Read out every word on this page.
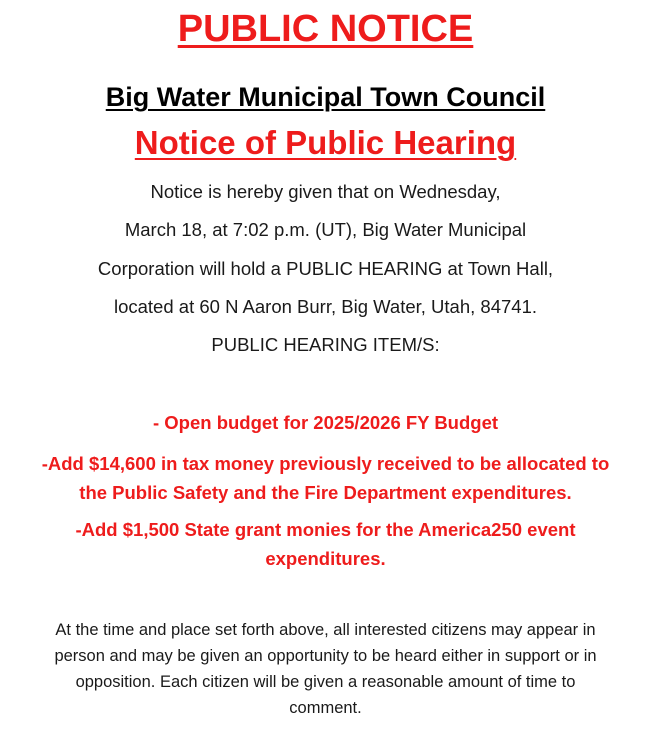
PUBLIC NOTICE
Big Water Municipal Town Council
Notice of Public Hearing
Notice is hereby given that on Wednesday,
March 18, at 7:02 p.m. (UT), Big Water Municipal
Corporation will hold a PUBLIC HEARING at Town Hall,
located at 60 N Aaron Burr, Big Water, Utah, 84741.
PUBLIC HEARING ITEM/S:
- Open budget for 2025/2026 FY Budget
-Add $14,600 in tax money previously received to be allocated to
the Public Safety and the Fire Department expenditures.
-Add $1,500 State grant monies for the America250 event
expenditures.
At the time and place set forth above, all interested citizens may appear in
person and may be given an opportunity to be heard either in support or in
opposition. Each citizen will be given a reasonable amount of time to
comment.
